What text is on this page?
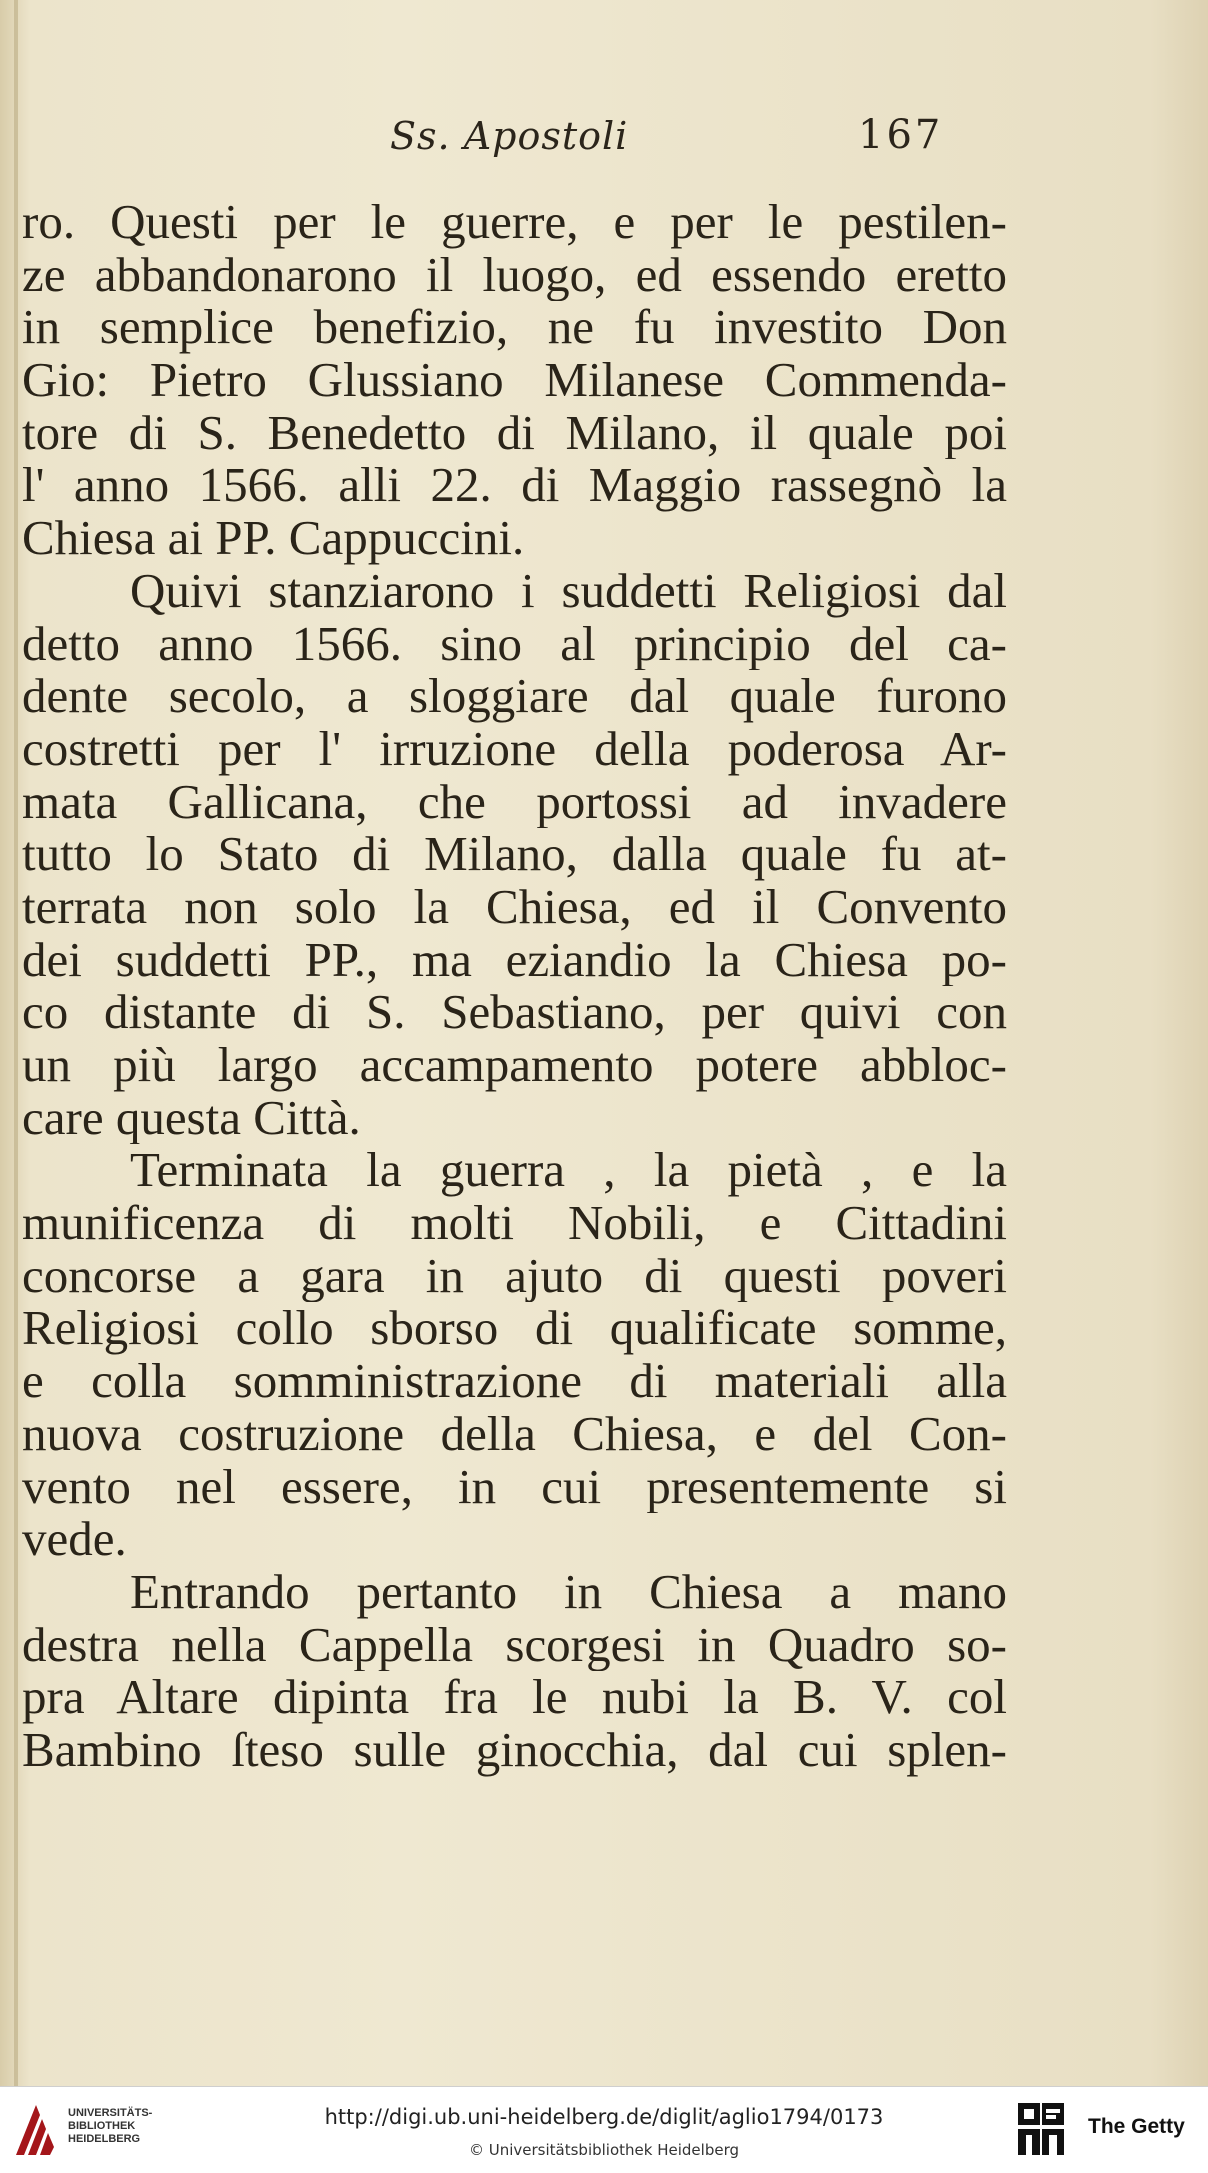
Ss. Apostoli	167
ro. Questi per le guerre, e per le pestilen-
ze abbandonarono il luogo, ed essendo eretto
in semplice benefizio, ne fu investito Don
Gio: Pietro Glussiano Milanese Commenda-
tore di S. Benedetto di Milano, il quale poi
l' anno 1566. alli 22. di Maggio rassegnò la
Chiesa ai PP. Cappuccini.
Quivi stanziarono i suddetti Religiosi dal
detto anno 1566. sino al principio del ca-
dente secolo, a sloggiare dal quale furono
costretti per l' irruzione della poderosa Ar-
mata Gallicana, che portossi ad invadere
tutto lo Stato di Milano, dalla quale fu at-
terrata non solo la Chiesa, ed il Convento
dei suddetti PP., ma eziandio la Chiesa po-
co distante di S. Sebastiano, per quivi con
un più largo accampamento potere abbloc-
care questa Città.
Terminata la guerra , la pietà , e la
munificenza di molti Nobili, e Cittadini
concorse a gara in ajuto di questi poveri
Religiosi collo sborso di qualificate somme,
e colla somministrazione di materiali alla
nuova costruzione della Chiesa, e del Con-
vento nel essere, in cui presentemente si
vede.
Entrando pertanto in Chiesa a mano
destra nella Cappella scorgesi in Quadro so-
pra Altare dipinta fra le nubi la B. V. col
Bambino ſteso sulle ginocchia, dal cui splen-
UNIVERSITÄTS-
BIBLIOTHEK
HEIDELBERG
http://digi.ub.uni-heidelberg.de/diglit/aglio1794/0173
© Universitätsbibliothek Heidelberg
The Getty
